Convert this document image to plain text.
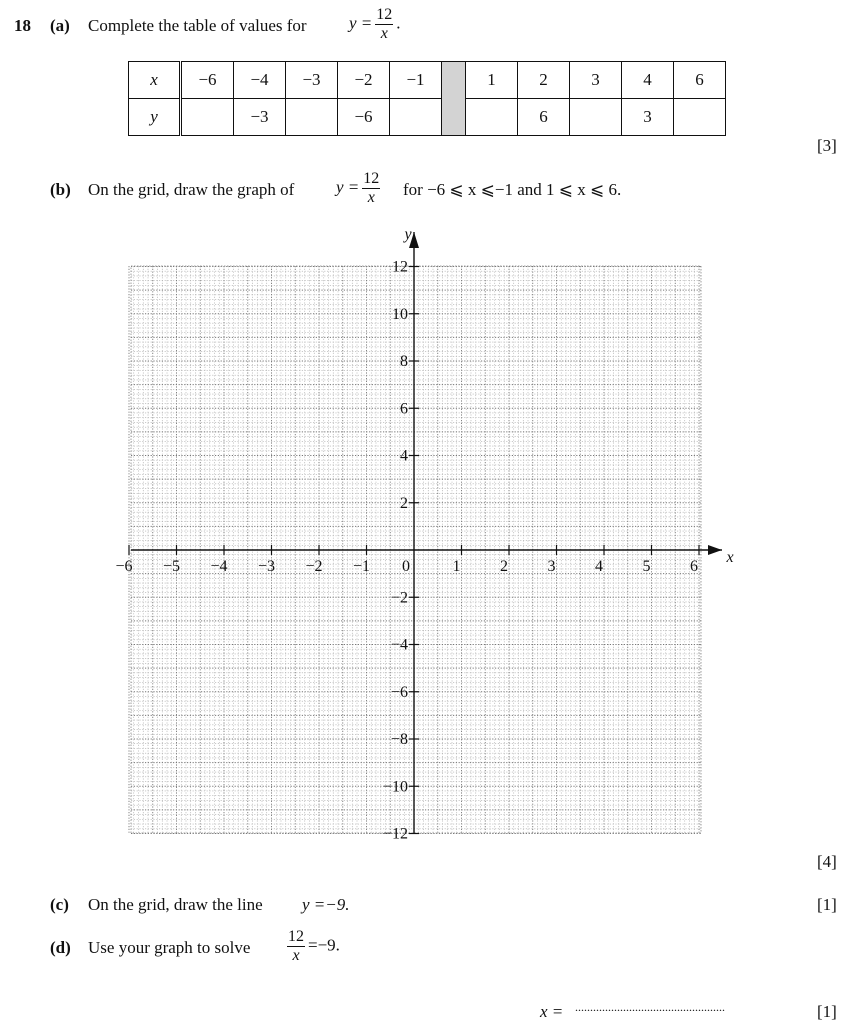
18 (a) Complete the table of values for $y = \frac{12}{x}$ .
x	−6	−4	−3	−2	−1		1	2	3	4	6
y		−3		−6				6		3	
[3]
(b) On the grid, draw the graph of $y = \frac{12}{x}$ for −6 ⩽ x ⩽−1 and 1 ⩽ x ⩽ 6.
−6 −5 −4 −3 −2 −1 0	1 2 3 4 5 6
12
10
8
6
4
2
−2
−4
−6
−8
−10
−12
x
y
[4]
(c) On the grid, draw the line y =−9.	[1]
(d) Use your graph to solve $\frac{12}{x} =-9$.
x = ..................................................	[1]
